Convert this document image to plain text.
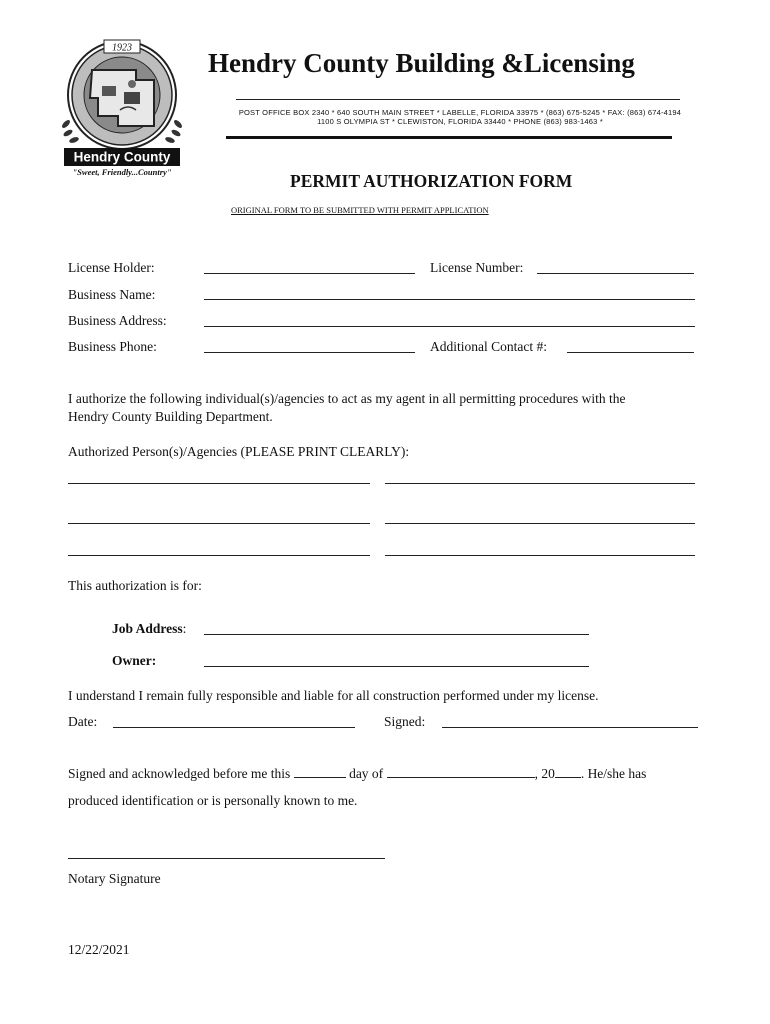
1923
Hendry County
"Sweet, Friendly...Country"
Hendry County Building &Licensing
POST OFFICE BOX 2340 * 640 SOUTH MAIN STREET * LABELLE, FLORIDA 33975 * (863) 675-5245 * FAX: (863) 674-4194
1100 S OLYMPIA ST * CLEWISTON, FLORIDA 33440 * PHONE (863) 983-1463 *
PERMIT AUTHORIZATION FORM
ORIGINAL FORM TO BE SUBMITTED WITH PERMIT APPLICATION
License Holder:	License Number:
Business Name:
Business Address:
Business Phone:	Additional Contact #:
I authorize the following individual(s)/agencies to act as my agent in all permitting procedures with the
Hendry County Building Department.
Authorized Person(s)/Agencies (PLEASE PRINT CLEARLY):
This authorization is for:
Job Address:
Owner:
I understand I remain fully responsible and liable for all construction performed under my license.
Date:	Signed:
Signed and acknowledged before me this	day of	, 20 . He/she has
produced identification or is personally known to me.
Notary Signature
12/22/2021
